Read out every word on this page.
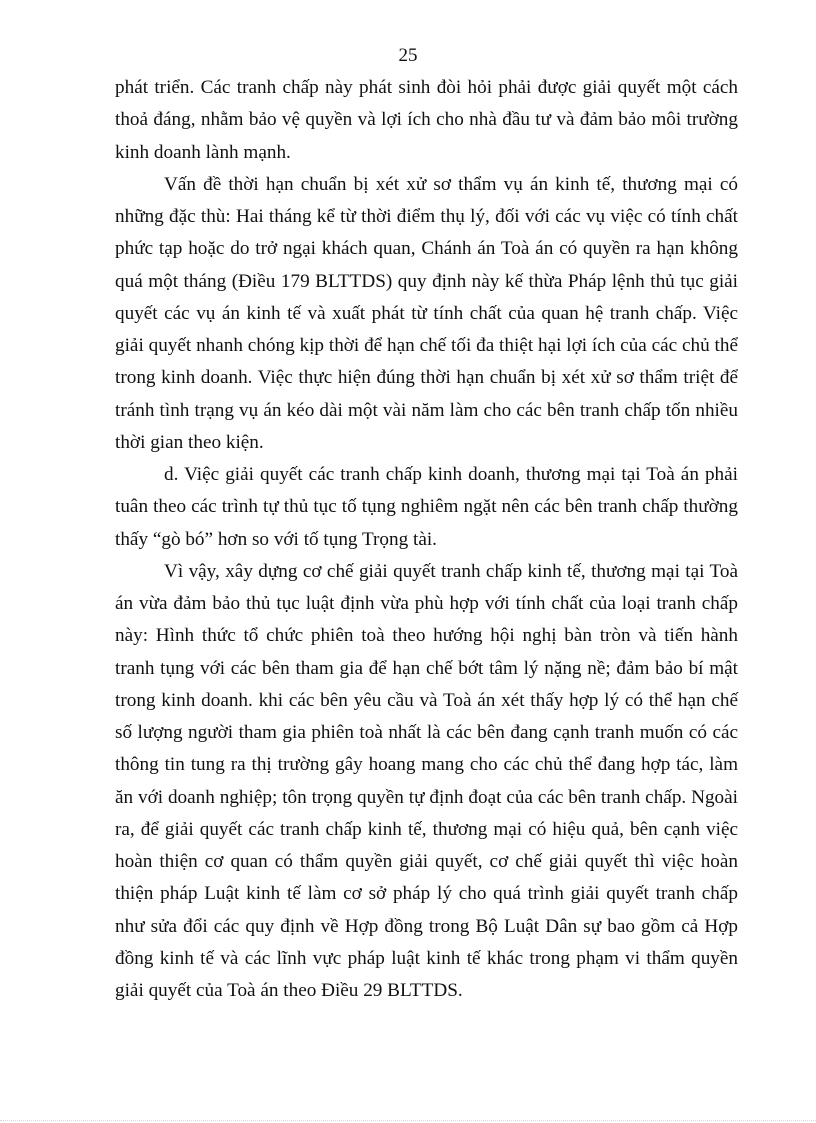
25

phát triển. Các tranh chấp này phát sinh đòi hỏi phải được giải quyết một cách thoả đáng, nhằm bảo vệ quyền và lợi ích cho nhà đầu tư và đảm bảo môi trường kinh doanh lành mạnh.

Vấn đề thời hạn chuẩn bị xét xử sơ thẩm vụ án kinh tế, thương mại có những đặc thù: Hai tháng kể từ thời điểm thụ lý, đối với các vụ việc có tính chất phức tạp hoặc do trở ngại khách quan, Chánh án Toà án có quyền ra hạn không quá một tháng (Điều 179 BLTTDS) quy định này kế thừa Pháp lệnh thủ tục giải quyết các vụ án kinh tế và xuất phát từ tính chất của quan hệ tranh chấp. Việc giải quyết nhanh chóng kịp thời để hạn chế tối đa thiệt hại lợi ích của các chủ thể trong kinh doanh. Việc thực hiện đúng thời hạn chuẩn bị xét xử sơ thẩm triệt để tránh tình trạng vụ án kéo dài một vài năm làm cho các bên tranh chấp tốn nhiều thời gian theo kiện.

d. Việc giải quyết các tranh chấp kinh doanh, thương mại tại Toà án phải tuân theo các trình tự thủ tục tố tụng nghiêm ngặt nên các bên tranh chấp thường thấy “gò bó” hơn so với tố tụng Trọng tài.

Vì vậy, xây dựng cơ chế giải quyết tranh chấp kinh tế, thương mại tại Toà án vừa đảm bảo thủ tục luật định vừa phù hợp với tính chất của loại tranh chấp này: Hình thức tổ chức phiên toà theo hướng hội nghị bàn tròn và tiến hành tranh tụng với các bên tham gia để hạn chế bớt tâm lý nặng nề; đảm bảo bí mật trong kinh doanh. khi các bên yêu cầu và Toà án xét thấy hợp lý có thể hạn chế số lượng người tham gia phiên toà nhất là các bên đang cạnh tranh muốn có các thông tin tung ra thị trường gây hoang mang cho các chủ thể đang hợp tác, làm ăn với doanh nghiệp; tôn trọng quyền tự định đoạt của các bên tranh chấp. Ngoài ra, để giải quyết các tranh chấp kinh tế, thương mại có hiệu quả, bên cạnh việc hoàn thiện cơ quan có thẩm quyền giải quyết, cơ chế giải quyết thì việc hoàn thiện pháp Luật kinh tế làm cơ sở pháp lý cho quá trình giải quyết tranh chấp như sửa đổi các quy định về Hợp đồng trong Bộ Luật Dân sự bao gồm cả Hợp đồng kinh tế và các lĩnh vực pháp luật kinh tế khác trong phạm vi thẩm quyền giải quyết của Toà án theo Điều 29 BLTTDS.
